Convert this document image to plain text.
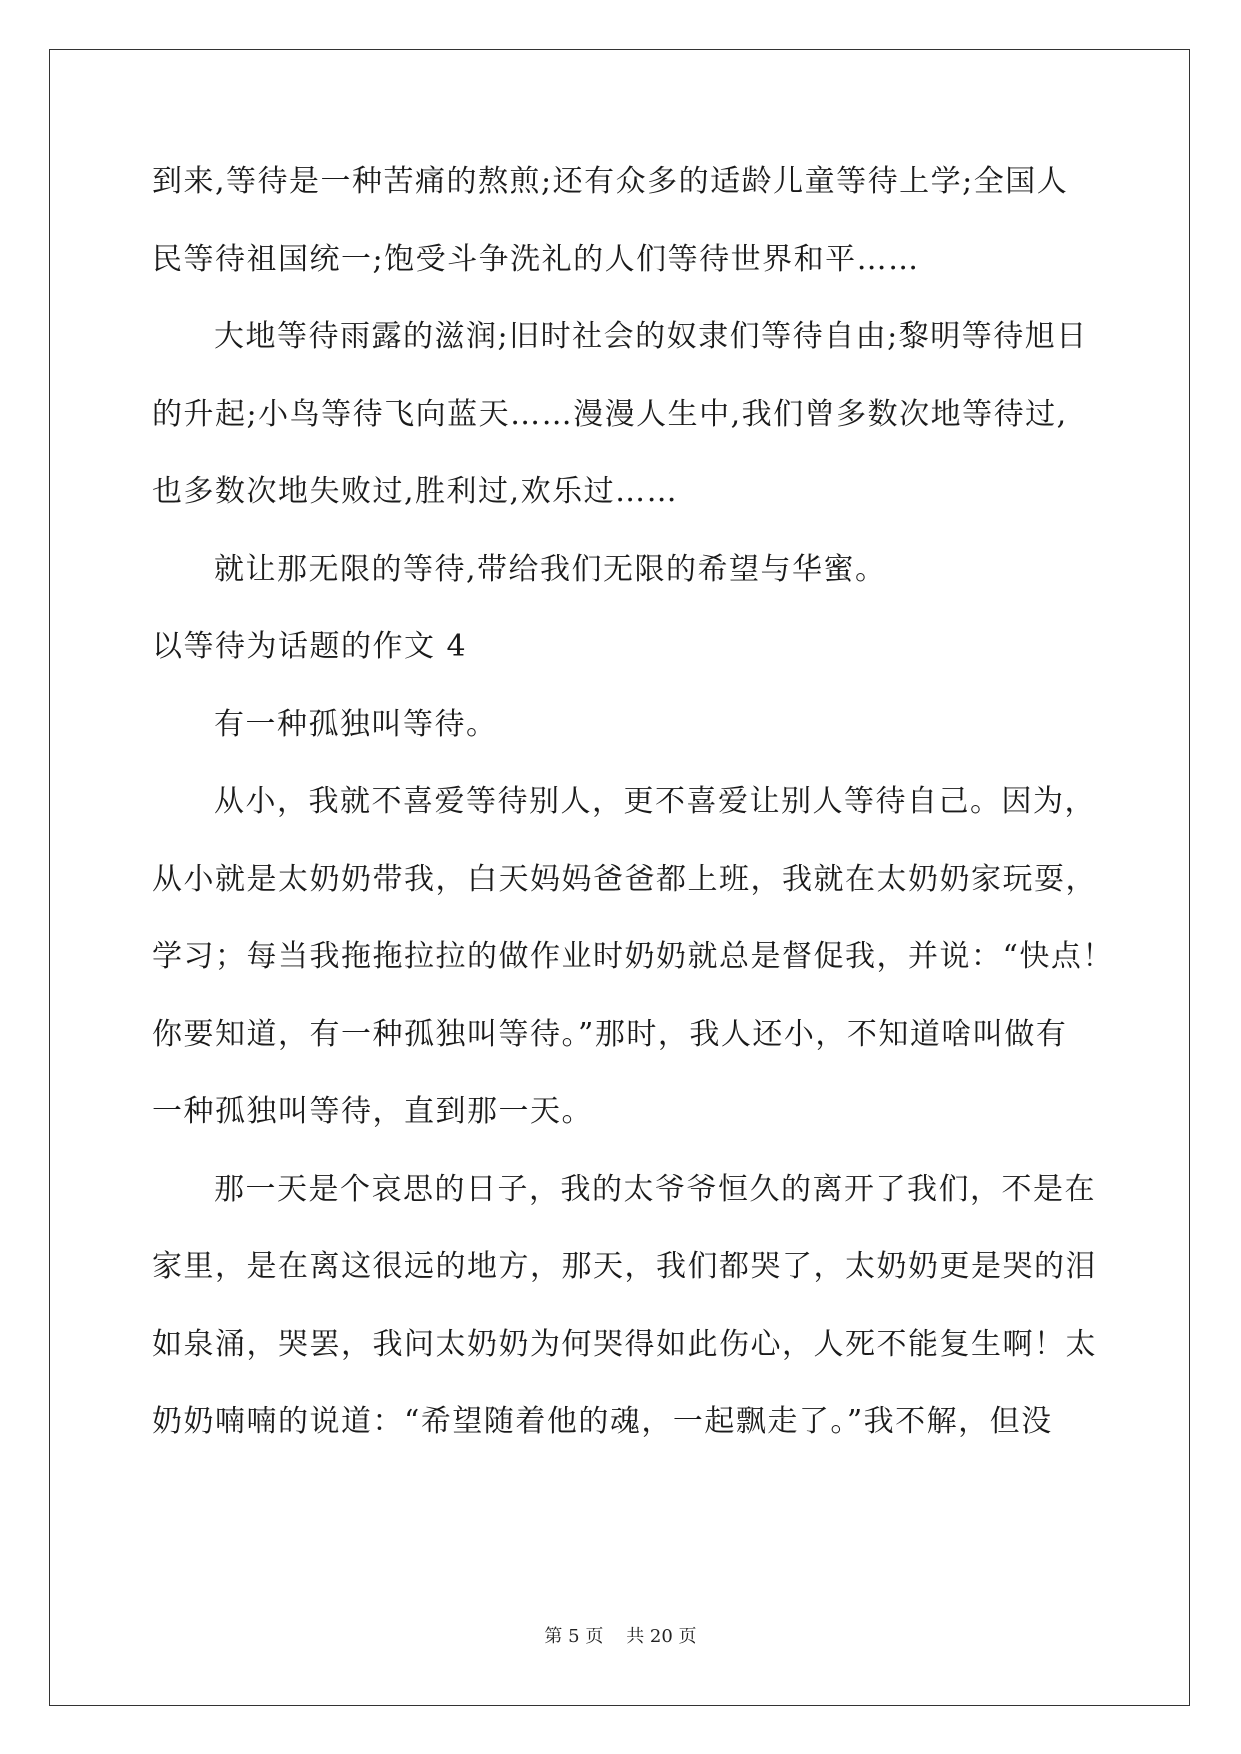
到来,等待是一种苦痛的熬煎;还有众多的适龄儿童等待上学;全国人
民等待祖国统一;饱受斗争洗礼的人们等待世界和平……
大地等待雨露的滋润;旧时社会的奴隶们等待自由;黎明等待旭日
的升起;小鸟等待飞向蓝天……漫漫人生中,我们曾多数次地等待过,
也多数次地失败过,胜利过,欢乐过……
就让那无限的等待,带给我们无限的希望与华蜜。
以等待为话题的作文 4
有一种孤独叫等待。
从小，我就不喜爱等待别人，更不喜爱让别人等待自己。因为，
从小就是太奶奶带我，白天妈妈爸爸都上班，我就在太奶奶家玩耍，
学习；每当我拖拖拉拉的做作业时奶奶就总是督促我，并说：“快点！
你要知道，有一种孤独叫等待。”那时，我人还小，不知道啥叫做有
一种孤独叫等待，直到那一天。
那一天是个哀思的日子，我的太爷爷恒久的离开了我们，不是在
家里，是在离这很远的地方，那天，我们都哭了，太奶奶更是哭的泪
如泉涌，哭罢，我问太奶奶为何哭得如此伤心，人死不能复生啊！太
奶奶喃喃的说道：“希望随着他的魂，一起飘走了。”我不解，但没
第 5 页    共 20 页
